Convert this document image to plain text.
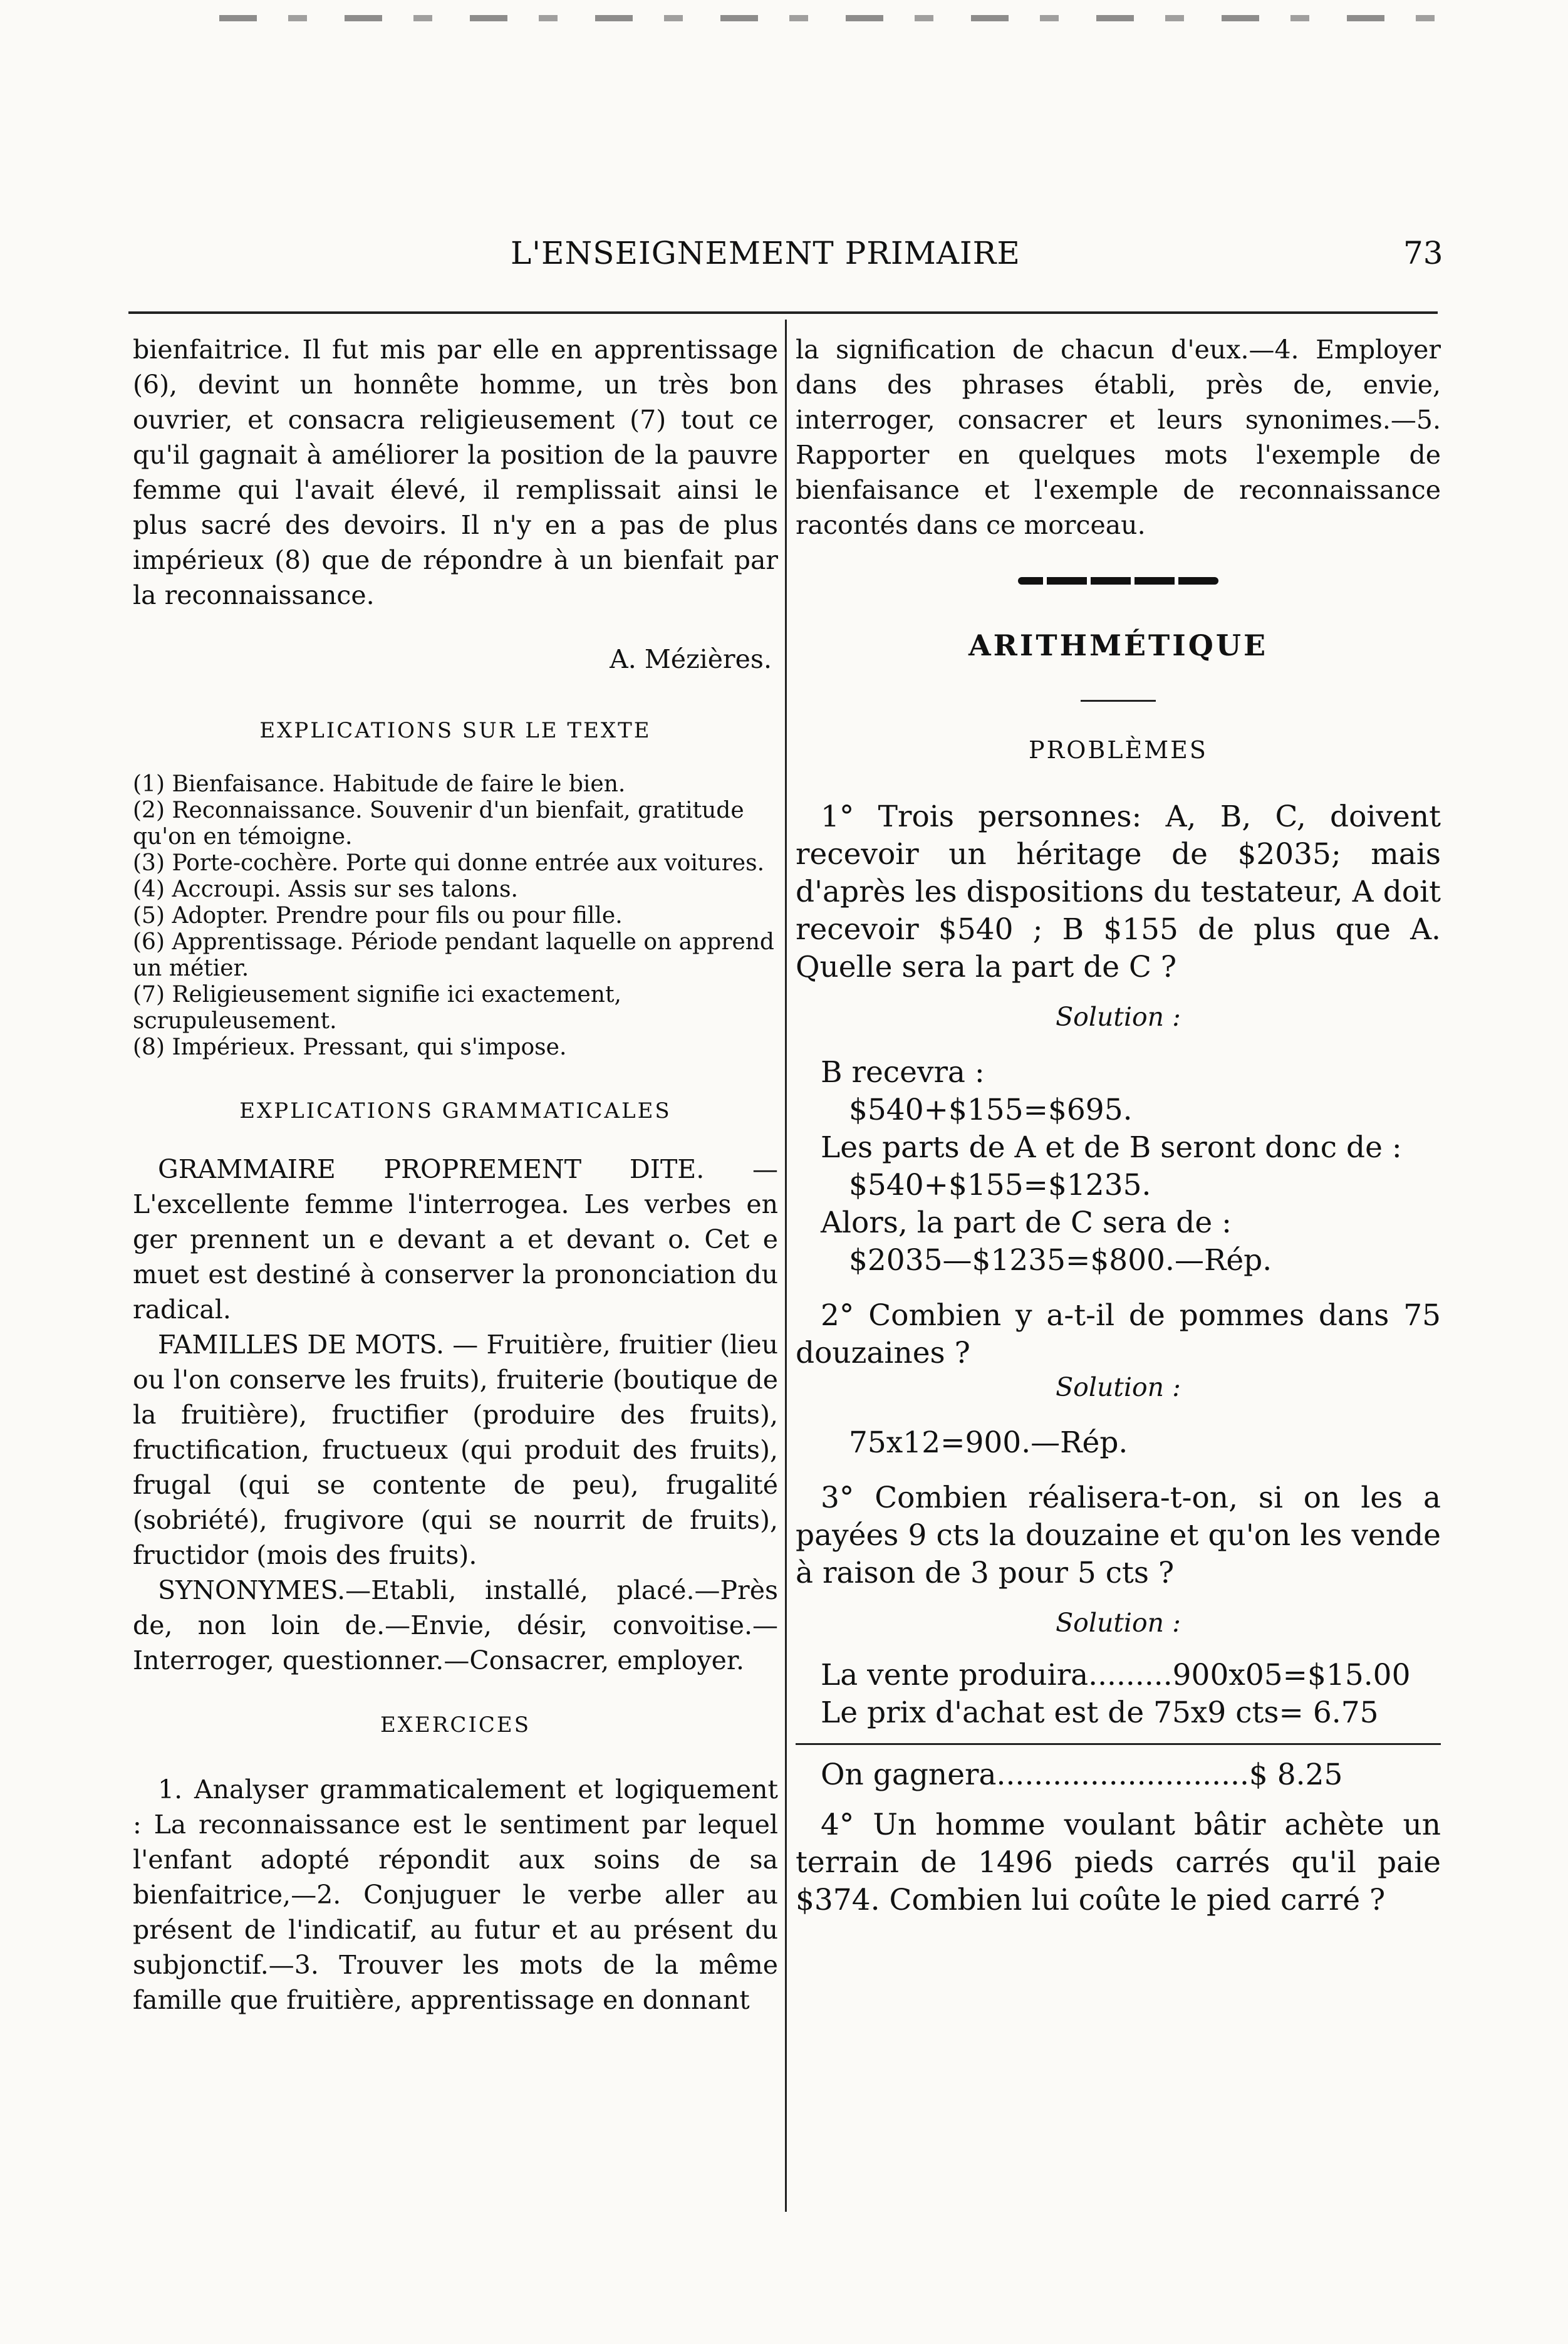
L'ENSEIGNEMENT PRIMAIRE	73

bienfaitrice. Il fut mis par elle en apprentissage (6), devint un honnête homme, un très bon ouvrier, et consacra religieusement (7) tout ce qu'il gagnait à améliorer la position de la pauvre femme qui l'avait élevé, il remplissait ainsi le plus sacré des devoirs. Il n'y en a pas de plus impérieux (8) que de répondre à un bienfait par la reconnaissance.

A. Mézières.
EXPLICATIONS SUR LE TEXTE

(1) Bienfaisance. Habitude de faire le bien.

(2) Reconnaissance. Souvenir d'un bienfait, gratitude qu'on en témoigne.

(3) Porte-cochère. Porte qui donne entrée aux voitures.

(4) Accroupi. Assis sur ses talons.

(5) Adopter. Prendre pour fils ou pour fille.

(6) Apprentissage. Période pendant laquelle on apprend un métier.

(7) Religieusement signifie ici exactement, scrupuleusement.

(8) Impérieux. Pressant, qui s'impose.

EXPLICATIONS GRAMMATICALES

GRAMMAIRE PROPREMENT DITE. — L'excellente femme l'interrogea. Les verbes en ger prennent un e devant a et devant o. Cet e muet est destiné à conserver la prononciation du radical.

FAMILLES DE MOTS. — Fruitière, fruitier (lieu ou l'on conserve les fruits), fruiterie (boutique de la fruitière), fructifier (produire des fruits), fructification, fructueux (qui produit des fruits), frugal (qui se contente de peu), frugalité (sobriété), frugivore (qui se nourrit de fruits), fructidor (mois des fruits).

SYNONYMES.—Etabli, installé, placé.—Près de, non loin de.—Envie, désir, convoitise.—Interroger, questionner.—Consacrer, employer.

EXERCICES

1. Analyser grammaticalement et logiquement : La reconnaissance est le sentiment par lequel l'enfant adopté répondit aux soins de sa bienfaitrice,—2. Conjuguer le verbe aller au présent de l'indicatif, au futur et au présent du subjonctif.—3. Trouver les mots de la même famille que fruitière, apprentissage en donnant

la signification de chacun d'eux.—4. Employer dans des phrases établi, près de, envie, interroger, consacrer et leurs synonimes.—5. Rapporter en quelques mots l'exemple de bienfaisance et l'exemple de reconnaissance racontés dans ce morceau.

ARITHMÉTIQUE
PROBLÈMES

1° Trois personnes: A, B, C, doivent recevoir un héritage de $2035; mais d'après les dispositions du testateur, A doit recevoir $540 ; B $155 de plus que A. Quelle sera la part de C ?

Solution :
B recevra :
$540+$155=$695.
Les parts de A et de B seront donc de :
$540+$155=$1235.
Alors, la part de C sera de :
$2035—$1235=$800.—Rép.

2° Combien y a-t-il de pommes dans 75 douzaines ?

Solution :
75x12=900.—Rép.

3° Combien réalisera-t-on, si on les a payées 9 cts la douzaine et qu'on les vende à raison de 3 pour 5 cts ?

Solution :
La vente produira.........900x05=$15.00
Le prix d'achat est de 75x9 cts= 6.75
On gagnera...........................$ 8.25

4° Un homme voulant bâtir achète un terrain de 1496 pieds carrés qu'il paie $374. Combien lui coûte le pied carré ?
